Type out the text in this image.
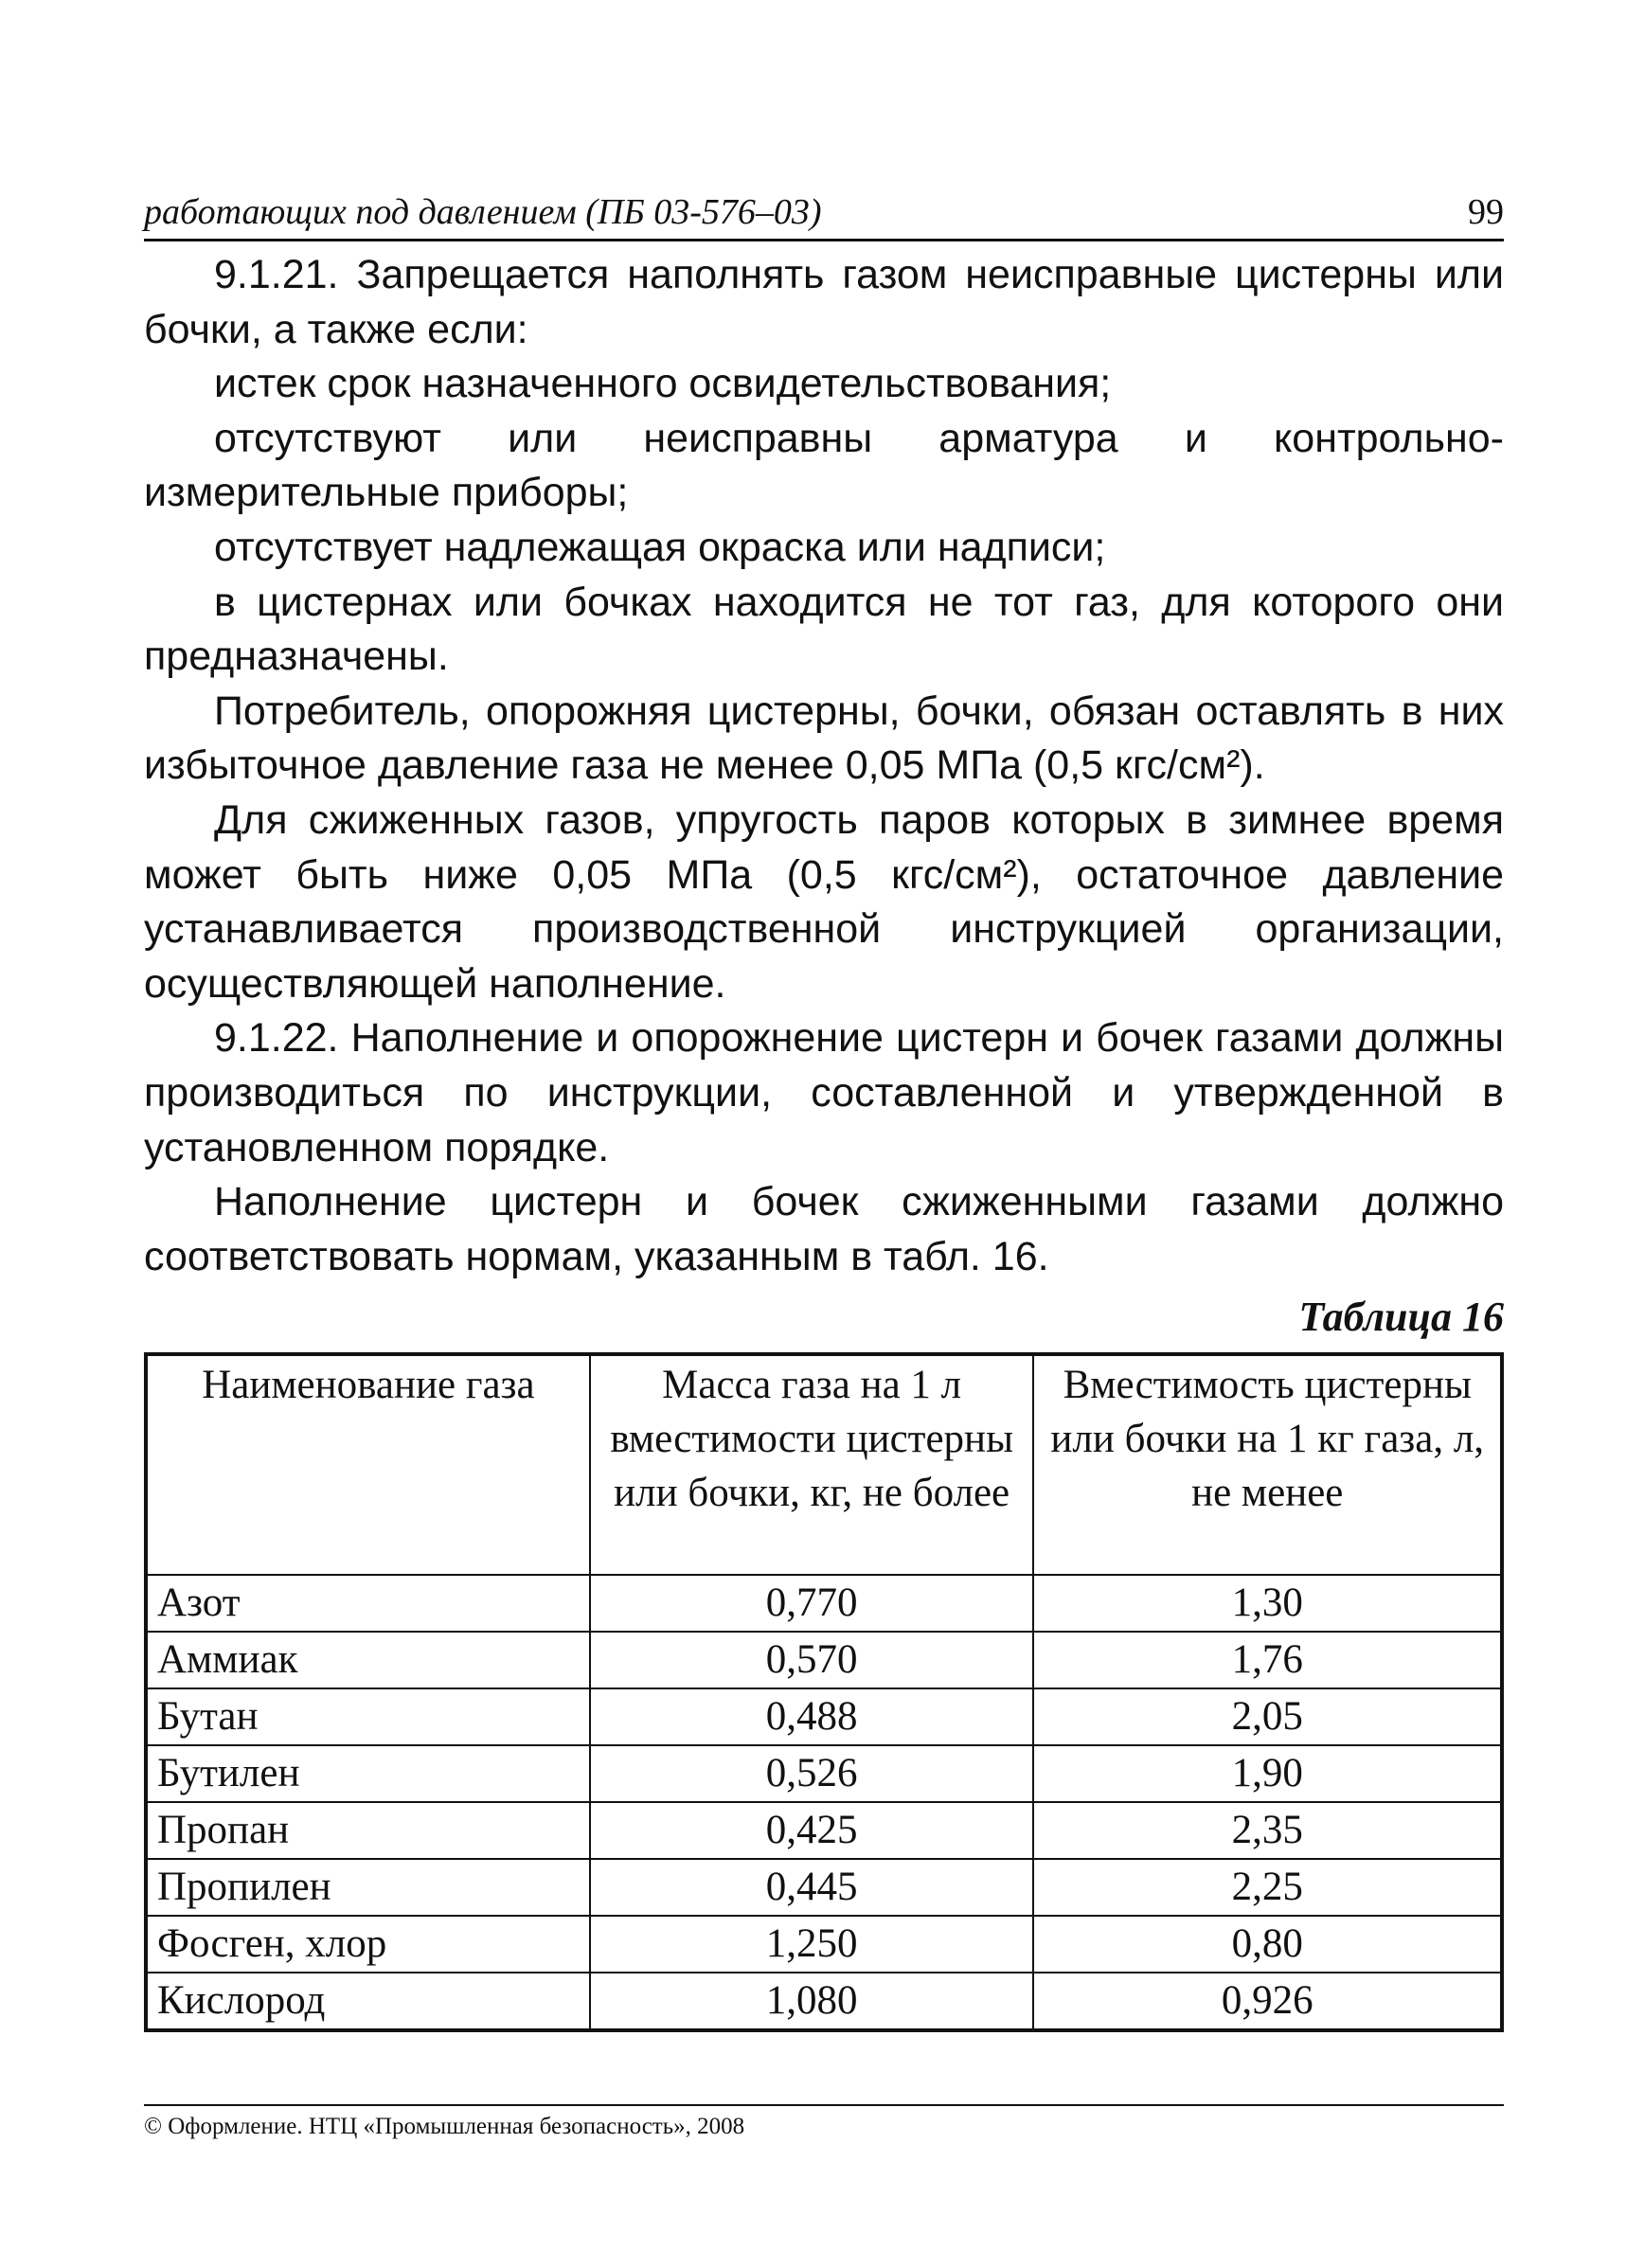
работающих под давлением (ПБ 03-576–03)	99

9.1.21. Запрещается наполнять газом неисправные цистерны или бочки, а также если:

истек срок назначенного освидетельствования;

отсутствуют или неисправны арматура и контрольно-измерительные приборы;

отсутствует надлежащая окраска или надписи;

в цистернах или бочках находится не тот газ, для которого они предназначены.

Потребитель, опорожняя цистерны, бочки, обязан оставлять в них избыточное давление газа не менее 0,05 МПа (0,5 кгс/см²).

Для сжиженных газов, упругость паров которых в зимнее время может быть ниже 0,05 МПа (0,5 кгс/см²), остаточное давление устанавливается производственной инструкцией организации, осуществляющей наполнение.

9.1.22. Наполнение и опорожнение цистерн и бочек газами должны производиться по инструкции, составленной и утвержденной в установленном порядке.

Наполнение цистерн и бочек сжиженными газами должно соответствовать нормам, указанным в табл. 16.

Таблица 16
Наименование газа	Масса газа на 1 л вместимости цистерны или бочки, кг, не более	Вместимость цистерны или бочки на 1 кг газа, л, не менее
Азот	0,770	1,30
Аммиак	0,570	1,76
Бутан	0,488	2,05
Бутилен	0,526	1,90
Пропан	0,425	2,35
Пропилен	0,445	2,25
Фосген, хлор	1,250	0,80
Кислород	1,080	0,926
© Оформление. НТЦ «Промышленная безопасность», 2008
